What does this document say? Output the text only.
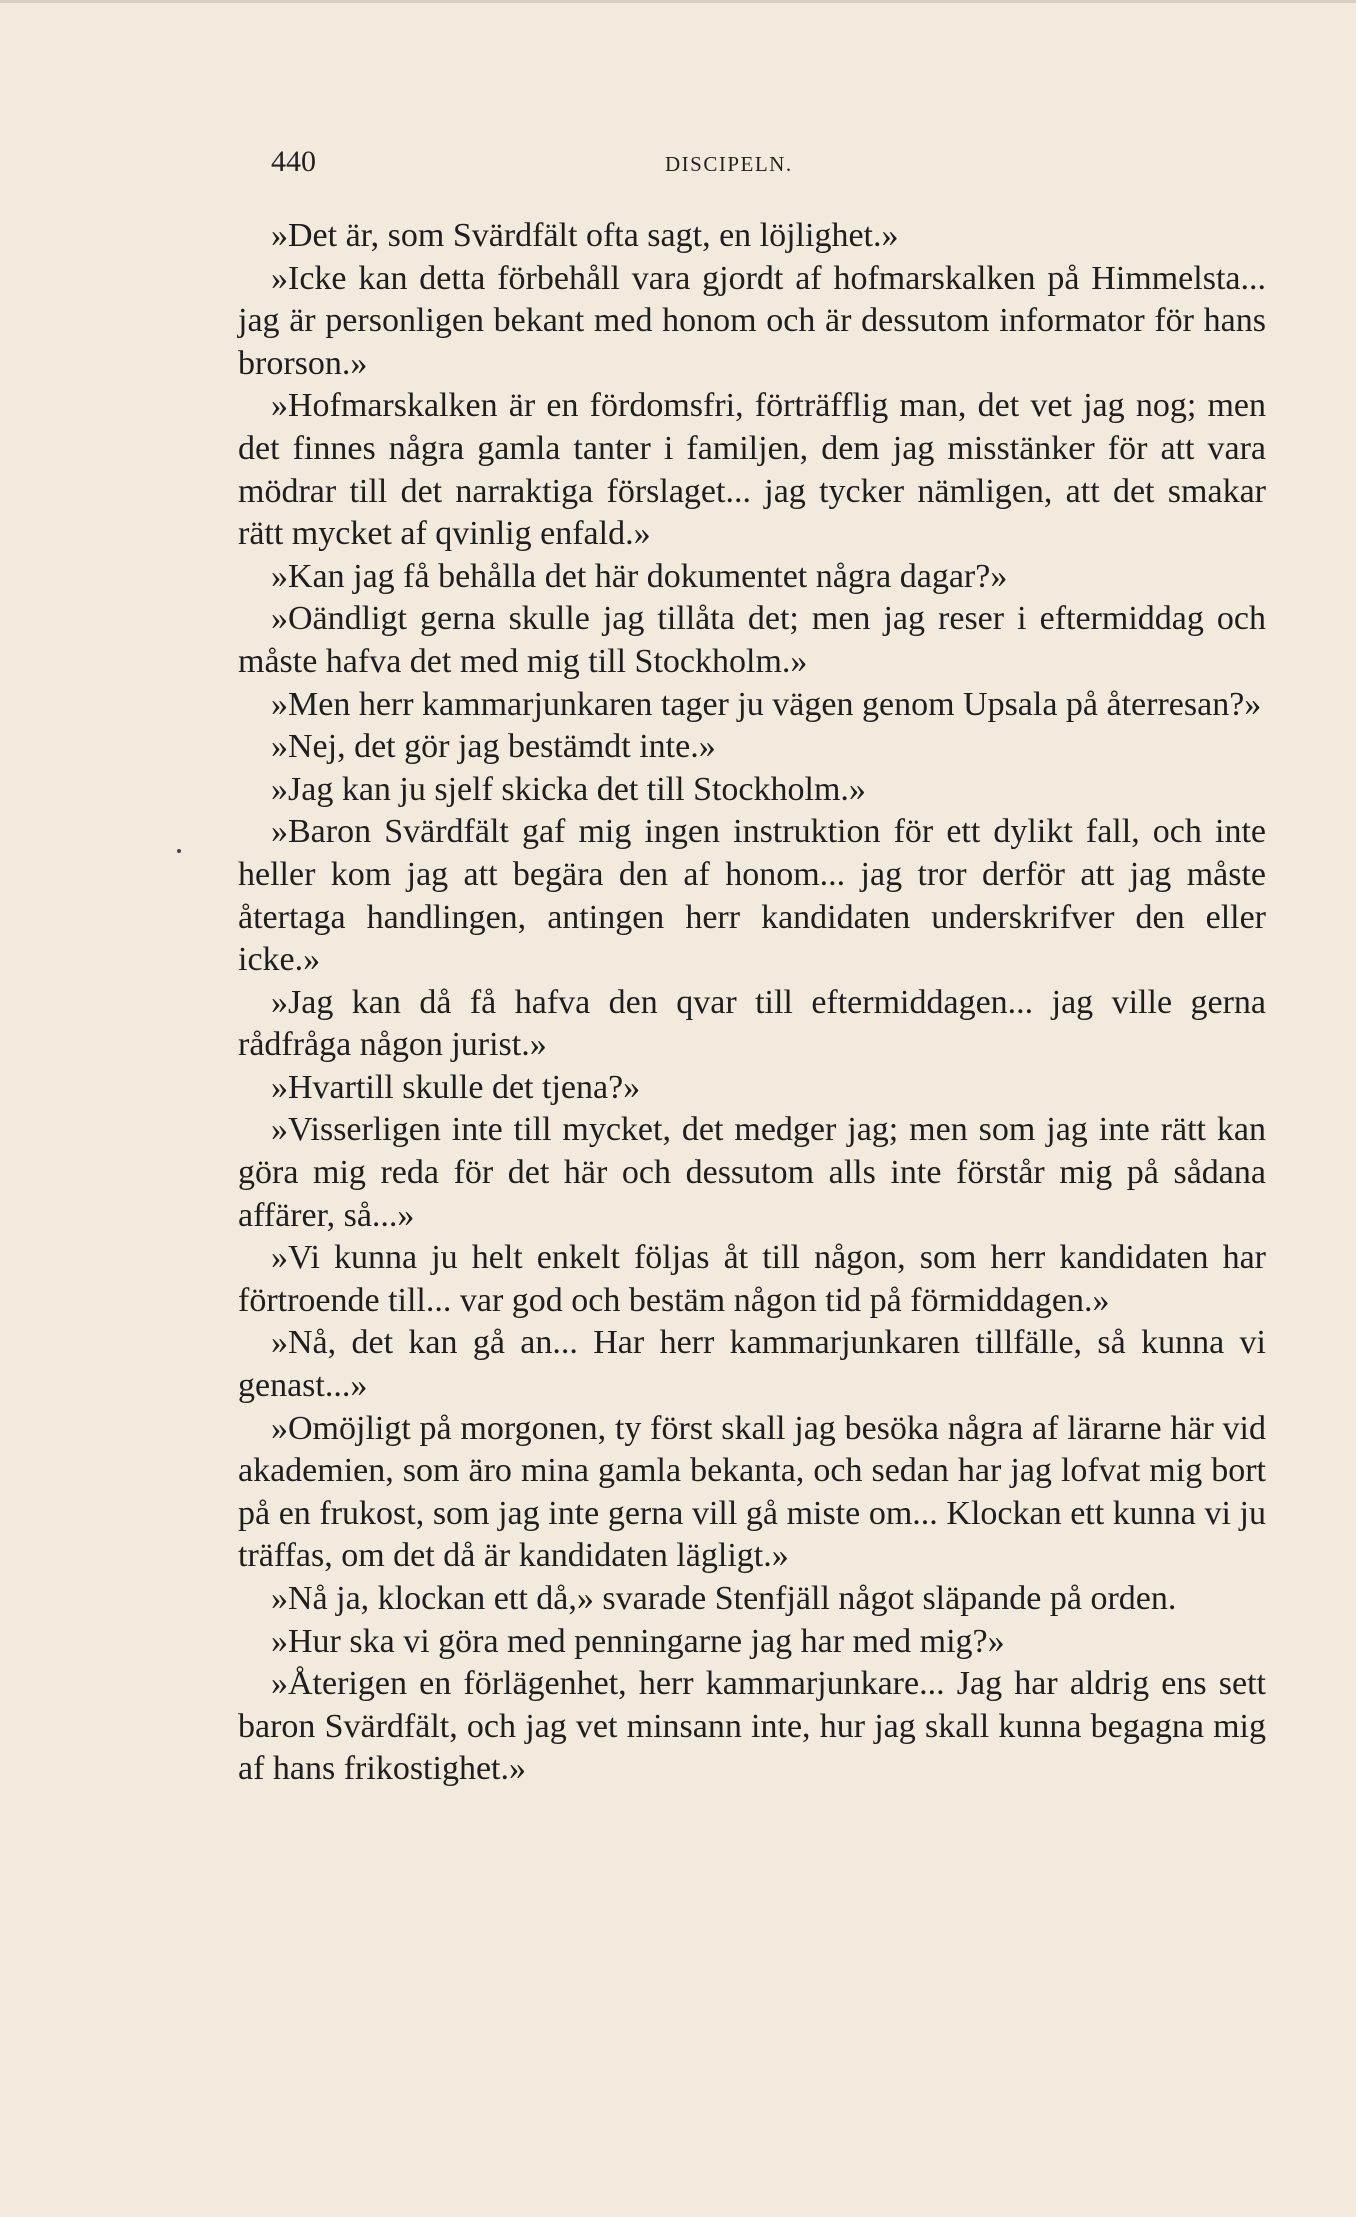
440	DISCIPELN.

»Det är, som Svärdfält ofta sagt, en löjlighet.»

»Icke kan detta förbehåll vara gjordt af hofmarskalken på Himmelsta... jag är personligen bekant med honom och är dessutom informator för hans brorson.»

»Hofmarskalken är en fördomsfri, förträfflig man, det vet jag nog; men det finnes några gamla tanter i familjen, dem jag misstänker för att vara mödrar till det narraktiga förslaget... jag tycker nämligen, att det smakar rätt mycket af qvinlig enfald.»

»Kan jag få behålla det här dokumentet några dagar?»

»Oändligt gerna skulle jag tillåta det; men jag reser i eftermiddag och måste hafva det med mig till Stockholm.»

»Men herr kammarjunkaren tager ju vägen genom Upsala på återresan?»

»Nej, det gör jag bestämdt inte.»

»Jag kan ju sjelf skicka det till Stockholm.»

»Baron Svärdfält gaf mig ingen instruktion för ett dylikt fall, och inte heller kom jag att begära den af honom... jag tror derför att jag måste återtaga handlingen, antingen herr kandidaten underskrifver den eller icke.»

»Jag kan då få hafva den qvar till eftermiddagen... jag ville gerna rådfråga någon jurist.»

»Hvartill skulle det tjena?»

»Visserligen inte till mycket, det medger jag; men som jag inte rätt kan göra mig reda för det här och dessutom alls inte förstår mig på sådana affärer, så...»

»Vi kunna ju helt enkelt följas åt till någon, som herr kandidaten har förtroende till... var god och bestäm någon tid på förmiddagen.»

»Nå, det kan gå an... Har herr kammarjunkaren tillfälle, så kunna vi genast...»

»Omöjligt på morgonen, ty först skall jag besöka några af lärarne här vid akademien, som äro mina gamla bekanta, och sedan har jag lofvat mig bort på en frukost, som jag inte gerna vill gå miste om... Klockan ett kunna vi ju träffas, om det då är kandidaten lägligt.»

»Nå ja, klockan ett då,» svarade Stenfjäll något släpande på orden.

»Hur ska vi göra med penningarne jag har med mig?»

»Återigen en förlägenhet, herr kammarjunkare... Jag har aldrig ens sett baron Svärdfält, och jag vet minsann inte, hur jag skall kunna begagna mig af hans frikostighet.»
